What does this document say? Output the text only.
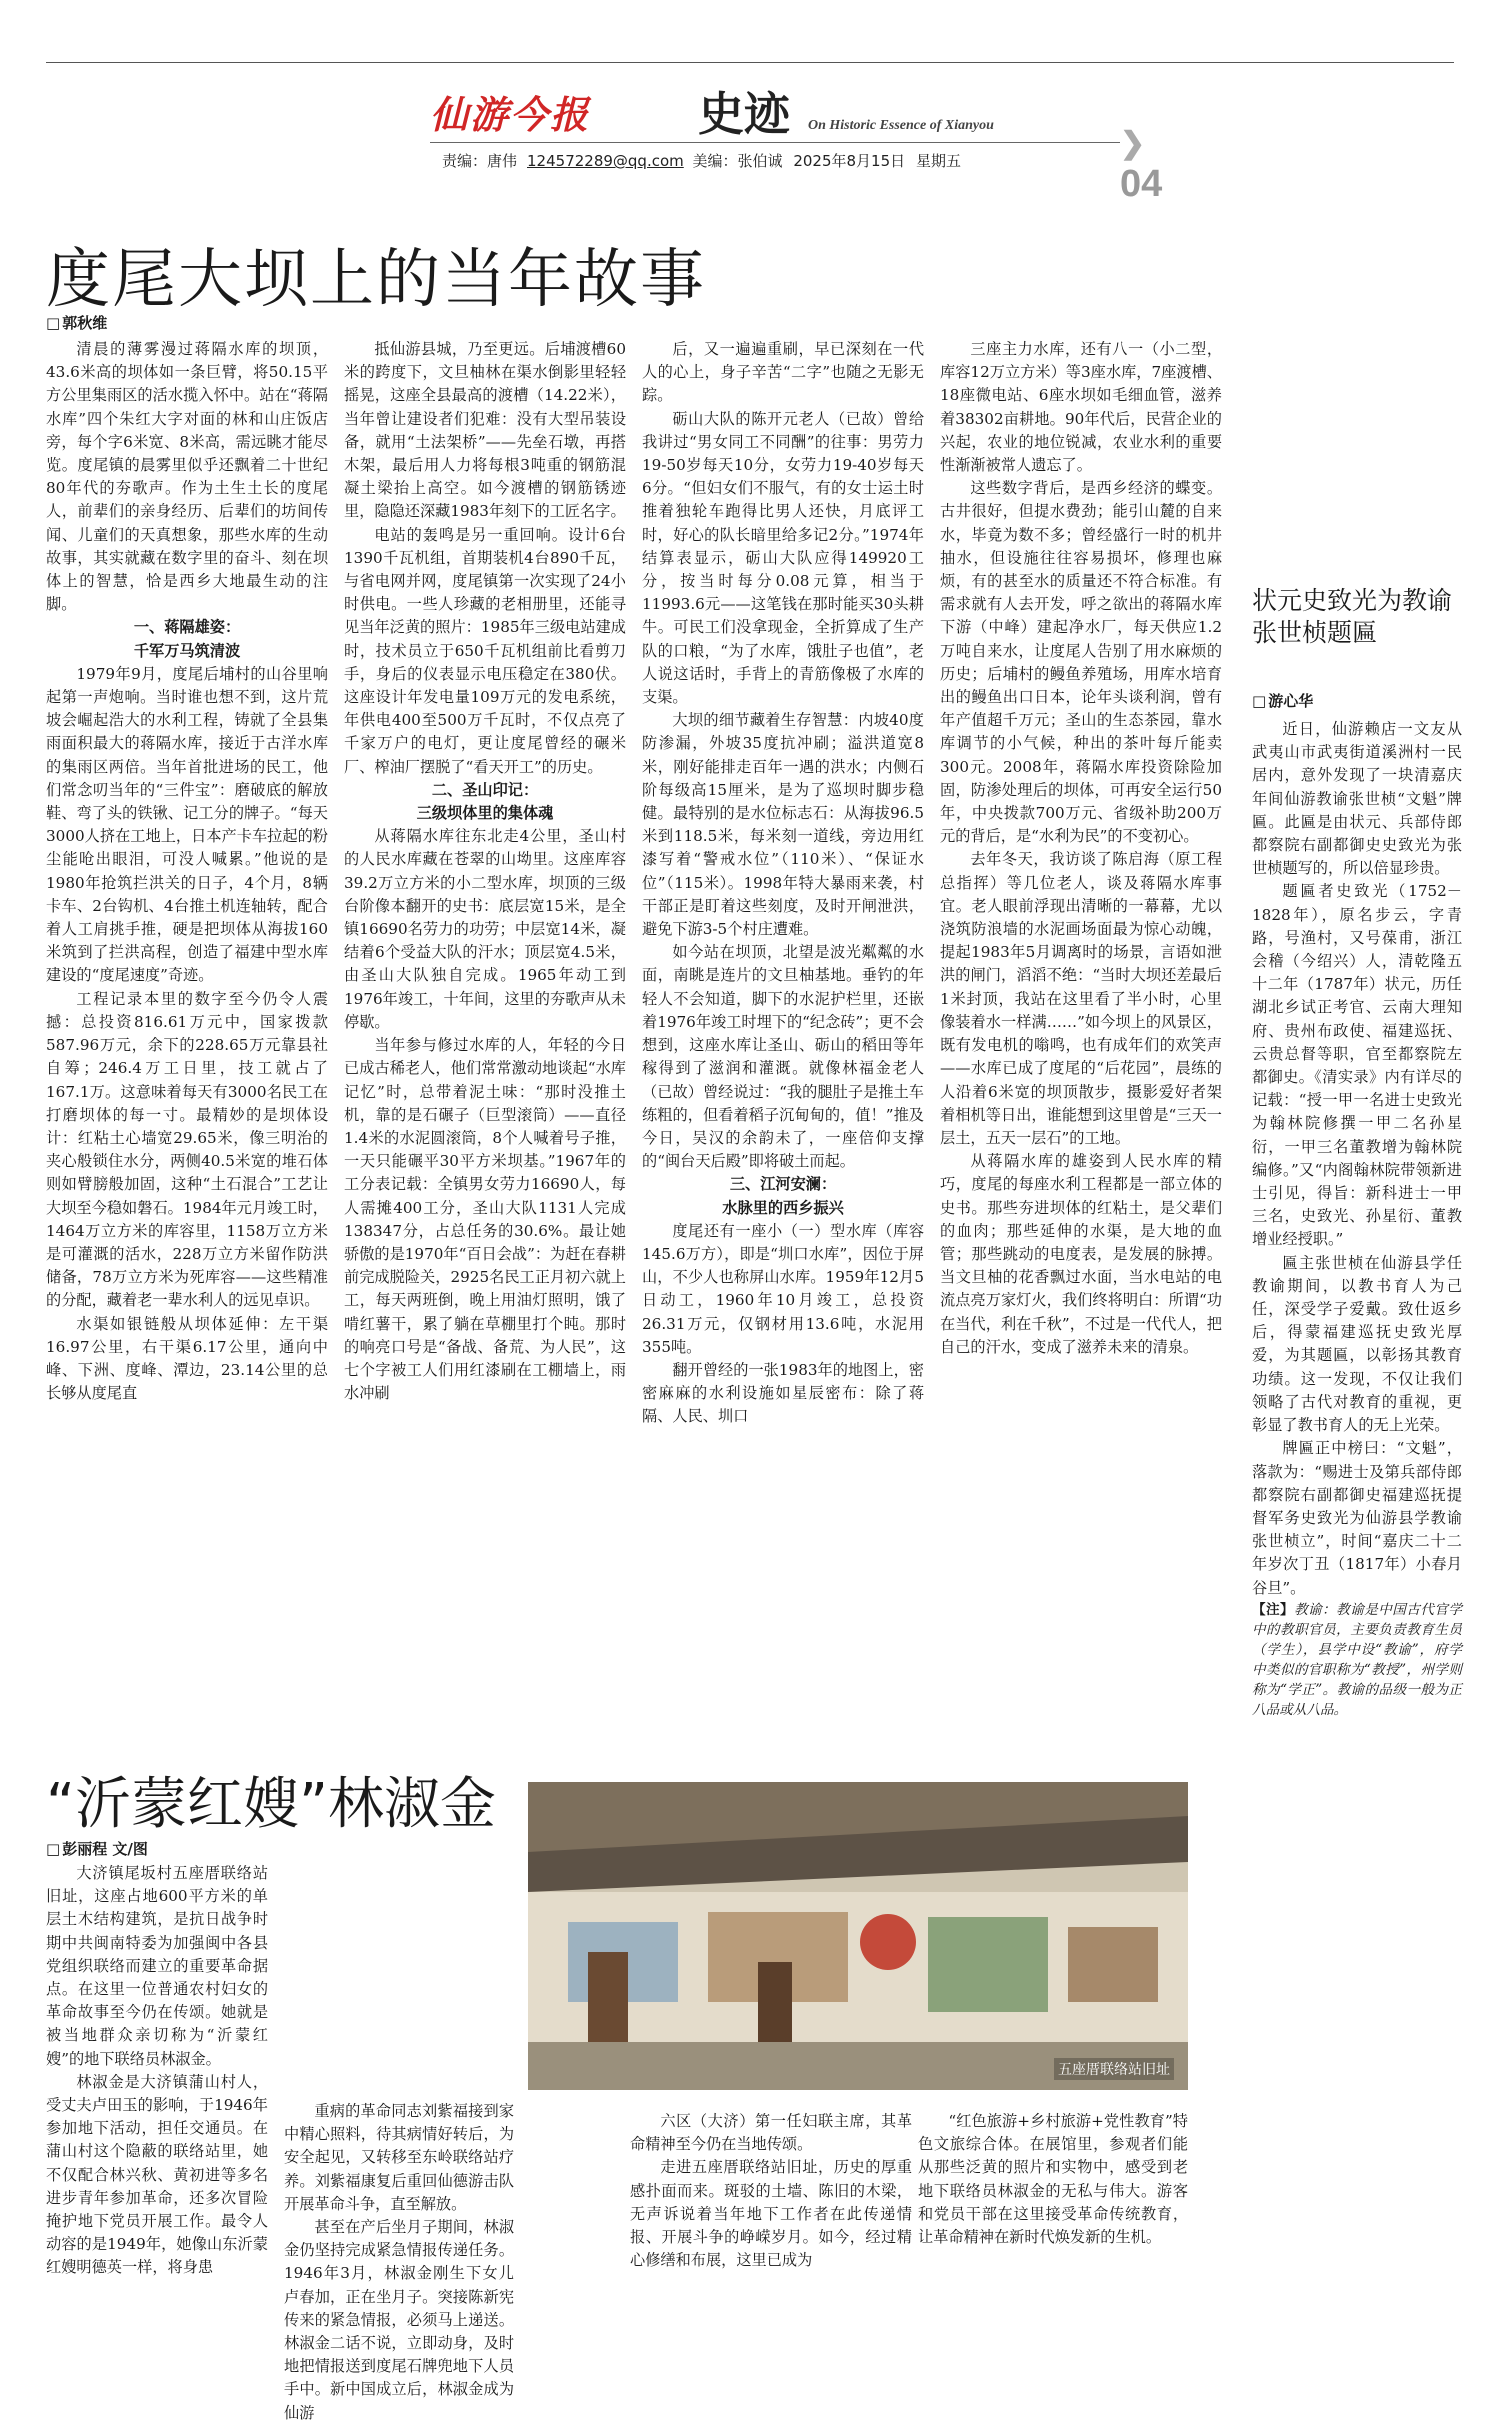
仙游今报 史迹 On Historic Essence of Xianyou
❯04
责编：唐伟 124572289@qq.com 美编：张伯诚 2025年8月15日 星期五
度尾大坝上的当年故事
□ 郭秋维

清晨的薄雾漫过蒋隔水库的坝顶，43.6米高的坝体如一条巨臂，将50.15平方公里集雨区的活水揽入怀中。站在“蒋隔水库”四个朱红大字对面的林和山庄饭店旁，每个字6米宽、8米高，需远眺才能尽览。度尾镇的晨雾里似乎还飘着二十世纪80年代的夯歌声。作为土生土长的度尾人，前辈们的亲身经历、后辈们的坊间传闻、儿童们的天真想象，那些水库的生动故事，其实就藏在数字里的奋斗、刻在坝体上的智慧，恰是西乡大地最生动的注脚。

一、蒋隔雄姿：

千军万马筑清波

1979年9月，度尾后埔村的山谷里响起第一声炮响。当时谁也想不到，这片荒坡会崛起浩大的水利工程，铸就了全县集雨面积最大的蒋隔水库，接近于古洋水库的集雨区两倍。当年首批进场的民工，他们常念叨当年的“三件宝”：磨破底的解放鞋、弯了头的铁锹、记工分的牌子。“每天3000人挤在工地上，日本产卡车拉起的粉尘能呛出眼泪，可没人喊累。”他说的是1980年抢筑拦洪关的日子，4个月，8辆卡车、2台钩机、4台推土机连轴转，配合着人工肩挑手推，硬是把坝体从海拔160米筑到了拦洪高程，创造了福建中型水库建设的“度尾速度”奇迹。

工程记录本里的数字至今仍令人震撼：总投资816.61万元中，国家拨款587.96万元，余下的228.65万元靠县社自筹；246.4万工日里，技工就占了167.1万。这意味着每天有3000名民工在打磨坝体的每一寸。最精妙的是坝体设计：红粘土心墙宽29.65米，像三明治的夹心般锁住水分，两侧40.5米宽的堆石体则如臂膀般加固，这种“土石混合”工艺让大坝至今稳如磐石。1984年元月竣工时，1464万立方米的库容里，1158万立方米是可灌溉的活水，228万立方米留作防洪储备，78万立方米为死库容——这些精准的分配，藏着老一辈水利人的远见卓识。

水渠如银链般从坝体延伸：左干渠16.97公里，右干渠6.17公里，通向中峰、下洲、度峰、潭边，23.14公里的总长够从度尾直

抵仙游县城，乃至更远。后埔渡槽60米的跨度下，文旦柚林在渠水倒影里轻轻摇晃，这座全县最高的渡槽（14.22米），当年曾让建设者们犯难：没有大型吊装设备，就用“土法架桥”——先垒石墩，再搭木架，最后用人力将每根3吨重的钢筋混凝土梁抬上高空。如今渡槽的钢筋锈迹里，隐隐还深藏1983年刻下的工匠名字。

电站的轰鸣是另一重回响。设计6台1390千瓦机组，首期装机4台890千瓦，与省电网并网，度尾镇第一次实现了24小时供电。一些人珍藏的老相册里，还能寻见当年泛黄的照片：1985年三级电站建成时，技术员立于650千瓦机组前比看剪刀手，身后的仪表显示电压稳定在380伏。这座设计年发电量109万元的发电系统，年供电400至500万千瓦时，不仅点亮了千家万户的电灯，更让度尾曾经的碾米厂、榨油厂摆脱了“看天开工”的历史。

二、圣山印记：

三级坝体里的集体魂

从蒋隔水库往东北走4公里，圣山村的人民水库藏在苍翠的山坳里。这座库容39.2万立方米的小二型水库，坝顶的三级台阶像本翻开的史书：底层宽15米，是全镇16690名劳力的功劳；中层宽14米，凝结着6个受益大队的汗水；顶层宽4.5米，由圣山大队独自完成。1965年动工到1976年竣工，十年间，这里的夯歌声从未停歇。

当年参与修过水库的人，年轻的今日已成古稀老人，他们常常激动地谈起“水库记忆”时，总带着泥土味：“那时没推土机，靠的是石碾子（巨型滚筒）——直径1.4米的水泥圆滚筒，8个人喊着号子推，一天只能碾平30平方米坝基。”1967年的工分表记载：全镇男女劳力16690人，每人需摊400工分，圣山大队1131人完成138347分，占总任务的30.6%。最让她骄傲的是1970年“百日会战”：为赶在春耕前完成脱险关，2925名民工正月初六就上工，每天两班倒，晚上用油灯照明，饿了啃红薯干，累了躺在草棚里打个盹。那时的响亮口号是“备战、备荒、为人民”，这七个字被工人们用红漆刷在工棚墙上，雨水冲刷

后，又一遍遍重刷，早已深刻在一代人的心上，身子辛苦“二字”也随之无影无踪。

砺山大队的陈开元老人（已故）曾给我讲过“男女同工不同酬”的往事：男劳力19-50岁每天10分，女劳力19-40岁每天6分。“但妇女们不服气，有的女士运土时推着独轮车跑得比男人还快，月底评工时，好心的队长暗里给多记2分。”1974年结算表显示，砺山大队应得149920工分，按当时每分0.08元算，相当于11993.6元——这笔钱在那时能买30头耕牛。可民工们没拿现金，全折算成了生产队的口粮，“为了水库，饿肚子也值”，老人说这话时，手背上的青筋像极了水库的支渠。

大坝的细节藏着生存智慧：内坡40度防渗漏，外坡35度抗冲刷；溢洪道宽8米，刚好能排走百年一遇的洪水；内侧石阶每级高15厘米，是为了巡坝时脚步稳健。最特别的是水位标志石：从海拔96.5米到118.5米，每米刻一道线，旁边用红漆写着“警戒水位”（110米）、“保证水位”（115米）。1998年特大暴雨来袭，村干部正是盯着这些刻度，及时开闸泄洪，避免下游3-5个村庄遭难。

如今站在坝顶，北望是波光粼粼的水面，南眺是连片的文旦柚基地。垂钓的年轻人不会知道，脚下的水泥护栏里，还嵌着1976年竣工时埋下的“纪念砖”；更不会想到，这座水库让圣山、砺山的稻田等年稼得到了滋润和灌溉。就像林福金老人（已故）曾经说过：“我的腿肚子是推土车练粗的，但看着稻子沉甸甸的，值！”推及今日，吴汉的余韵未了，一座倍仰支撑的“闽台天后殿”即将破土而起。

三、江河安澜：

水脉里的西乡振兴

度尾还有一座小（一）型水库（库容145.6万方），即是“圳口水库”，因位于屏山，不少人也称屏山水库。1959年12月5日动工，1960年10月竣工，总投资26.31万元，仅钢材用13.6吨，水泥用355吨。

翻开曾经的一张1983年的地图上，密密麻麻的水利设施如星辰密布：除了蒋隔、人民、圳口

三座主力水库，还有八一（小二型，库容12万立方米）等3座水库，7座渡槽、18座微电站、6座水坝如毛细血管，滋养着38302亩耕地。90年代后，民营企业的兴起，农业的地位锐减，农业水利的重要性渐渐被常人遗忘了。

这些数字背后，是西乡经济的蝶变。古井很好，但提水费劲；能引山麓的自来水，毕竟为数不多；曾经盛行一时的机井抽水，但设施往往容易损坏，修理也麻烦，有的甚至水的质量还不符合标准。有需求就有人去开发，呼之欲出的蒋隔水库下游（中峰）建起净水厂，每天供应1.2万吨自来水，让度尾人告别了用水麻烦的历史；后埔村的鳗鱼养殖场，用库水培育出的鳗鱼出口日本，论年头谈利润，曾有年产值超千万元；圣山的生态茶园，靠水库调节的小气候，种出的茶叶每斤能卖300元。2008年，蒋隔水库投资除险加固，防渗处理后的坝体，可再安全运行50年，中央拨款700万元、省级补助200万元的背后，是“水利为民”的不变初心。

去年冬天，我访谈了陈启海（原工程总指挥）等几位老人，谈及蒋隔水库事宜。老人眼前浮现出清晰的一幕幕，尤以浇筑防浪墙的水泥画场面最为惊心动魄，提起1983年5月调离时的场景，言语如泄洪的闸门，滔滔不绝：“当时大坝还差最后1米封顶，我站在这里看了半小时，心里像装着水一样满……”如今坝上的风景区，既有发电机的嗡鸣，也有成年们的欢笑声——水库已成了度尾的“后花园”，晨练的人沿着6米宽的坝顶散步，摄影爱好者架着相机等日出，谁能想到这里曾是“三天一层土，五天一层石”的工地。

从蒋隔水库的雄姿到人民水库的精巧，度尾的每座水利工程都是一部立体的史书。那些夯进坝体的红粘土，是父辈们的血肉；那些延伸的水渠，是大地的血管；那些跳动的电度表，是发展的脉搏。当文旦柚的花香飘过水面，当水电站的电流点亮万家灯火，我们终将明白：所谓“功在当代，利在千秋”，不过是一代代人，把自己的汗水，变成了滋养未来的清泉。

状元史致光为教谕张世桢题匾
□ 游心华

近日，仙游赖店一文友从武夷山市武夷街道溪洲村一民居内，意外发现了一块清嘉庆年间仙游教谕张世桢“文魁”牌匾。此匾是由状元、兵部侍郎都察院右副都御史史致光为张世桢题写的，所以倍显珍贵。

题匾者史致光（1752－1828年），原名步云，字青路，号渔村，又号葆甫，浙江会稽（今绍兴）人，清乾隆五十二年（1787年）状元，历任湖北乡试正考官、云南大理知府、贵州布政使、福建巡抚、云贵总督等职，官至都察院左都御史。《清实录》内有详尽的记载：“授一甲一名进士史致光为翰林院修撰一甲二名孙星衍，一甲三名董教增为翰林院编修。”又“内阁翰林院带领新进士引见，得旨：新科进士一甲三名，史致光、孙星衍、董教增业经授职。”

匾主张世桢在仙游县学任教谕期间，以教书育人为己任，深受学子爱戴。致仕返乡后，得蒙福建巡抚史致光厚爱，为其题匾，以彰扬其教育功绩。这一发现，不仅让我们领略了古代对教育的重视，更彰显了教书育人的无上光荣。

牌匾正中榜曰：“文魁”，落款为：“赐进士及第兵部侍郎都察院右副都御史福建巡抚提督军务史致光为仙游县学教谕张世桢立”，时间“嘉庆二十二年岁次丁丑（1817年）小春月谷旦”。

【注】教谕：教谕是中国古代官学中的教职官员，主要负责教育生员（学生），县学中设“教谕”，府学中类似的官职称为“教授”，州学则称为“学正”。教谕的品级一般为正八品或从八品。

“沂蒙红嫂”林淑金
□ 彭丽程 文/图
五座厝联络站旧址

大济镇尾坂村五座厝联络站旧址，这座占地600平方米的单层土木结构建筑，是抗日战争时期中共闽南特委为加强闽中各县党组织联络而建立的重要革命据点。在这里一位普通农村妇女的革命故事至今仍在传颂。她就是被当地群众亲切称为“沂蒙红嫂”的地下联络员林淑金。

林淑金是大济镇蒲山村人，受丈夫卢田玉的影响，于1946年参加地下活动，担任交通员。在蒲山村这个隐蔽的联络站里，她不仅配合林兴秋、黄初进等多名进步青年参加革命，还多次冒险掩护地下党员开展工作。最令人动容的是1949年，她像山东沂蒙红嫂明德英一样，将身患

重病的革命同志刘紫福接到家中精心照料，待其病情好转后，为安全起见，又转移至东岭联络站疗养。刘紫福康复后重回仙德游击队开展革命斗争，直至解放。

甚至在产后坐月子期间，林淑金仍坚持完成紧急情报传递任务。1946年3月，林淑金刚生下女儿卢春加，正在坐月子。突接陈新宪传来的紧急情报，必须马上递送。林淑金二话不说，立即动身，及时地把情报送到度尾石牌兜地下人员手中。新中国成立后，林淑金成为仙游

六区（大济）第一任妇联主席，其革命精神至今仍在当地传颂。

走进五座厝联络站旧址，历史的厚重感扑面而来。斑驳的土墙、陈旧的木梁，无声诉说着当年地下工作者在此传递情报、开展斗争的峥嵘岁月。如今，经过精心修缮和布展，这里已成为

“红色旅游+乡村旅游+党性教育”特色文旅综合体。在展馆里，参观者们能从那些泛黄的照片和实物中，感受到老地下联络员林淑金的无私与伟大。游客和党员干部在这里接受革命传统教育，让革命精神在新时代焕发新的生机。
